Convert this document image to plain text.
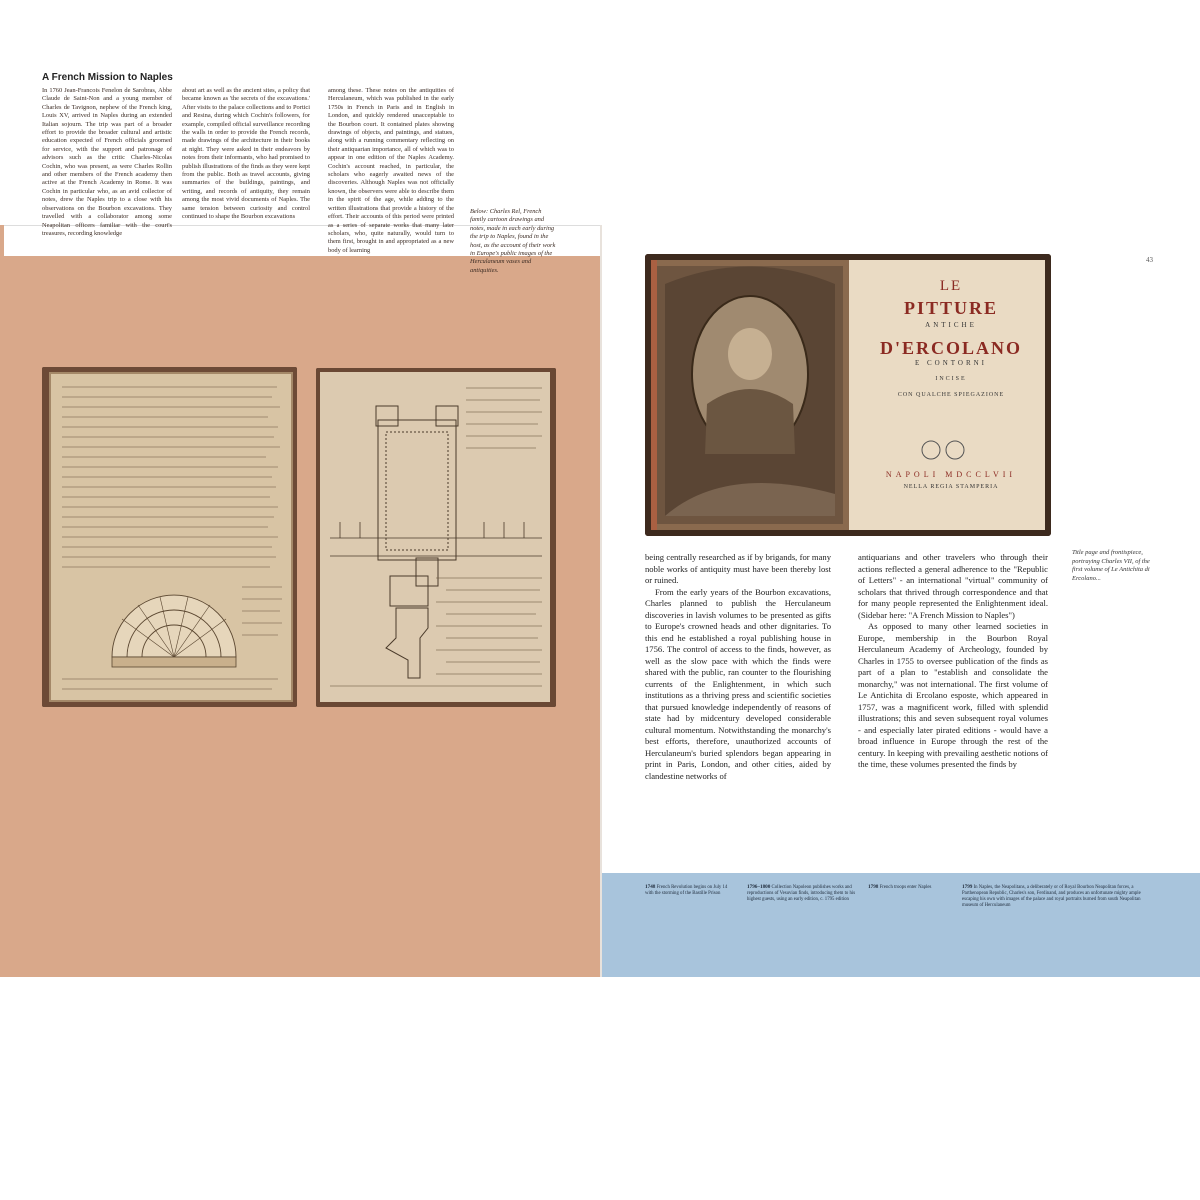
A French Mission to Naples
In 1760 Jean-Francois Fenelon de Sarobras, Abbe Claude de Saint-Non and a young member of Charles de Tavignon, nephew of the French king, Louis XV, arrived in Naples during an extended Italian sojourn. The trip was part of a broader effort to provide the broader cultural and artistic education expected of French officials groomed for service, with the support and patronage of advisors such as the critic Charles-Nicolas Cochin, who was present, as were Charles Rollin and other members of the French academy then active at the French Academy in Rome. It was Cochin in particular who, as an avid collector of notes, drew the Naples trip to a close with his observations on the Bourbon excavations. They travelled with a collaborator among some Neapolitan officers familiar with the court's treasures, recording knowledge
about art as well as the ancient sites, a policy that became known as 'the secrets of the excavations.' After visits to the palace collections and to Portici and Resina, during which Cochin's followers, for example, compiled official surveillance recording the walls in order to provide the French records, made drawings of the architecture in their books at night. They were asked in their endeavors by notes from their informants, who had promised to publish illustrations of the finds as they were kept from the public. Both as travel accounts, giving summaries of the buildings, paintings, and writing, and records of antiquity, they remain among the most vivid documents of Naples. The same tension between curiosity and control continued to shape the Bourbon excavations
among these. These notes on the antiquities of Herculaneum, which was published in the early 1750s in French in Paris and in English in London, and quickly rendered unacceptable to the Bourbon court. It contained plates showing drawings of objects, and paintings, and statues, along with a running commentary reflecting on their antiquarian importance, all of which was to appear in one edition of the Naples Academy. Cochin's account reached, in particular, the scholars who eagerly awaited news of the discoveries. Although Naples was not officially known, the observers were able to describe them in the spirit of the age, while adding to the written illustrations that provide a history of the effort. Their accounts of this period were printed as a series of separate works that many later scholars, who, quite naturally, would turn to them first, brought in and appropriated as a new body of learning
Below: Charles Rel, French family cartoon drawings and notes, made in each early during the trip to Naples, found in the host, as the account of their work in Europe's public images of the Herculaneum vases and antiquities.
43
LE
PITTURE
ANTICHE
D'ERCOLANO
E CONTORNI
INCISE
CON QUALCHE SPIEGAZIONE
NAPOLI MDCCLVII
NELLA REGIA STAMPERIA
Title page and frontispiece, portraying Charles VII, of the first volume of Le Antichita di Ercolano...

being centrally researched as if by brigands, for many noble works of antiquity must have been thereby lost or ruined.

From the early years of the Bourbon excavations, Charles planned to publish the Herculaneum discoveries in lavish volumes to be presented as gifts to Europe's crowned heads and other dignitaries. To this end he established a royal publishing house in 1756. The control of access to the finds, however, as well as the slow pace with which the finds were shared with the public, ran counter to the flourishing currents of the Enlightenment, in which such institutions as a thriving press and scientific societies that pursued knowledge independently of reasons of state had by midcentury developed considerable cultural momentum. Notwithstanding the monarchy's best efforts, therefore, unauthorized accounts of Herculaneum's buried splendors began appearing in print in Paris, London, and other cities, aided by clandestine networks of

antiquarians and other travelers who through their actions reflected a general adherence to the "Republic of Letters" - an international "virtual" community of scholars that thrived through correspondence and that for many people represented the Enlightenment ideal. (Sidebar here: "A French Mission to Naples")

As opposed to many other learned societies in Europe, membership in the Bourbon Royal Herculaneum Academy of Archeology, founded by Charles in 1755 to oversee publication of the finds as part of a plan to "establish and consolidate the monarchy," was not international. The first volume of Le Antichita di Ercolano esposte, which appeared in 1757, was a magnificent work, filled with splendid illustrations; this and seven subsequent royal volumes - and especially later pirated editions - would have a broad influence in Europe through the rest of the century. In keeping with prevailing aesthetic notions of the time, these volumes presented the finds by

1748 French Revolution begins on July 14 with the storming of the Bastille Prison
1796–1800 Collection Napoleon publishes works and reproductions of Vesuvian finds, introducing them to his highest guests, using an early edition, c. 1795 edition
1798 French troops enter Naples	1799 In Naples, the Neapolitans, a deliberately or of Royal Bourbon Neapolitan forces, a Parthenopean Republic, Charles's son, Ferdinand, and produces an unfortunate mighty ample escaping his own with images of the palace and royal portraits burned from south Neapolitan museum of Herculaneum
